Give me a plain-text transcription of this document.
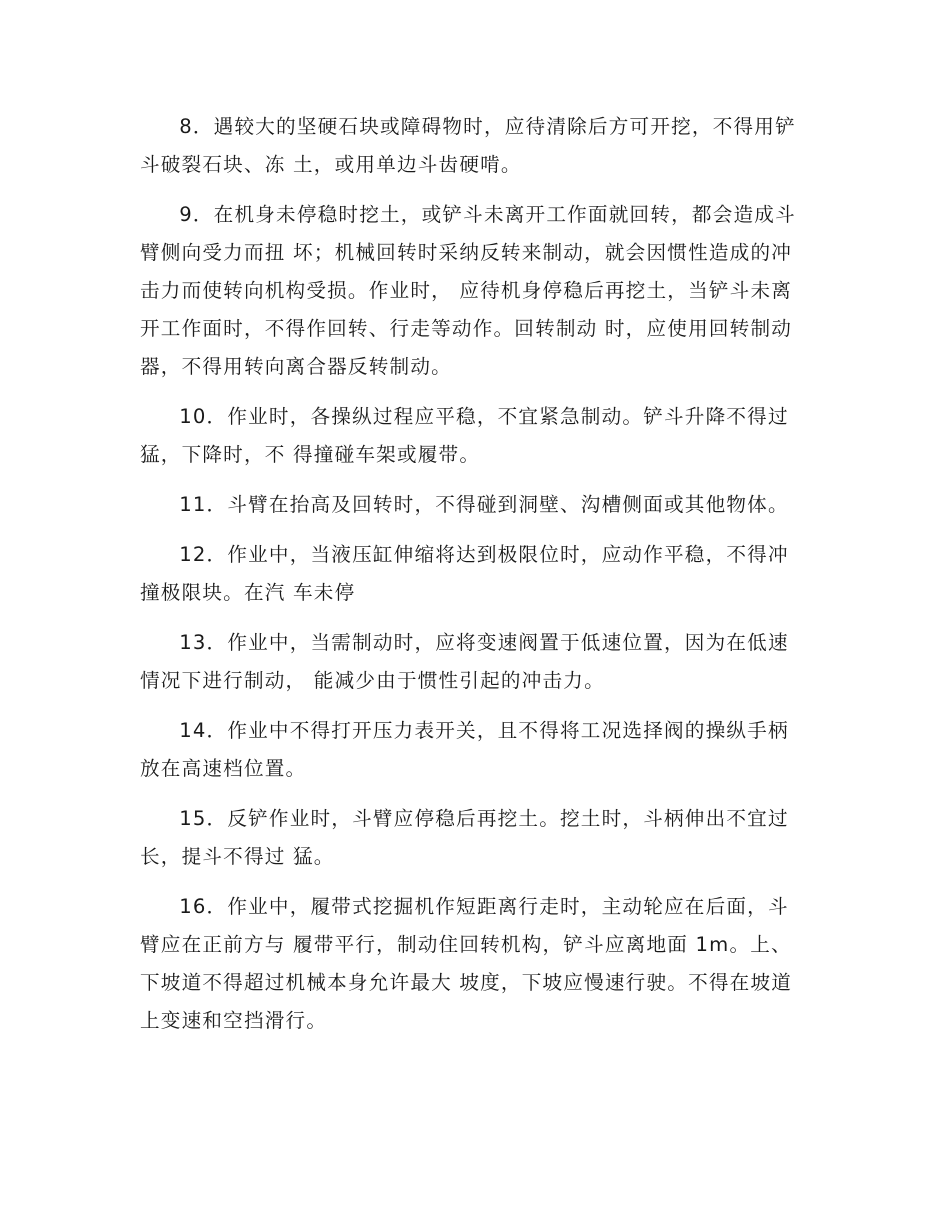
8．遇较大的坚硬石块或障碍物时，应待清除后方可开挖，不得用铲斗破裂石块、冻 土，或用单边斗齿硬啃。

9．在机身未停稳时挖土，或铲斗未离开工作面就回转，都会造成斗臂侧向受力而扭 坏；机械回转时采纳反转来制动，就会因惯性造成的冲击力而使转向机构受损。作业时， 应待机身停稳后再挖土，当铲斗未离开工作面时，不得作回转、行走等动作。回转制动 时，应使用回转制动器，不得用转向离合器反转制动。

10．作业时，各操纵过程应平稳，不宜紧急制动。铲斗升降不得过猛，下降时，不 得撞碰车架或履带。

11．斗臂在抬高及回转时，不得碰到洞壁、沟槽侧面或其他物体。

12．作业中，当液压缸伸缩将达到极限位时，应动作平稳，不得冲撞极限块。在汽 车未停

13．作业中，当需制动时，应将变速阀置于低速位置，因为在低速情况下进行制动， 能减少由于惯性引起的冲击力。

14．作业中不得打开压力表开关，且不得将工况选择阀的操纵手柄放在高速档位置。

15．反铲作业时，斗臂应停稳后再挖土。挖土时，斗柄伸出不宜过长，提斗不得过 猛。

16．作业中，履带式挖掘机作短距离行走时，主动轮应在后面，斗臂应在正前方与 履带平行，制动住回转机构，铲斗应离地面 1m。上、下坡道不得超过机械本身允许最大 坡度，下坡应慢速行驶。不得在坡道上变速和空挡滑行。
